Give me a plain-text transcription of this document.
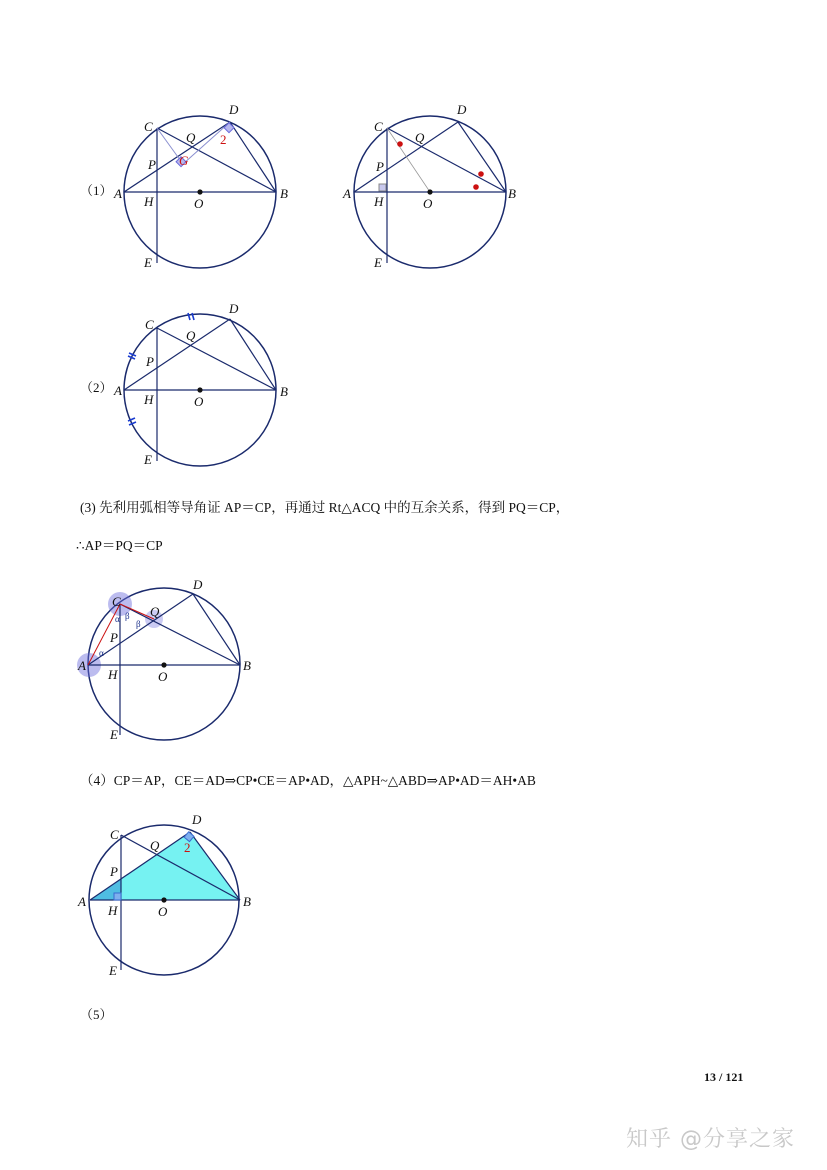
C
D
Q
P
A
H	O
B
E
G
2
（1）
C
D
Q
P
A
H	O
B
E
C
D
Q
P
A
H	O
B
E
（2）
(3) 先利用弧相等导角证 AP＝CP，再通过 Rt△ACQ 中的互余关系，得到 PQ＝CP，
∴AP＝PQ＝CP
α β
β
α
C
D
Q
P
A
H	O
B
E
（4）CP＝AP，CE＝AD⇒CP•CE＝AP•AD，△APH~△ABD⇒AP•AD＝AH•AB
C
D
Q
P
A
H	O
B
E
2
（5）
13 / 121
知乎 @分享之家
